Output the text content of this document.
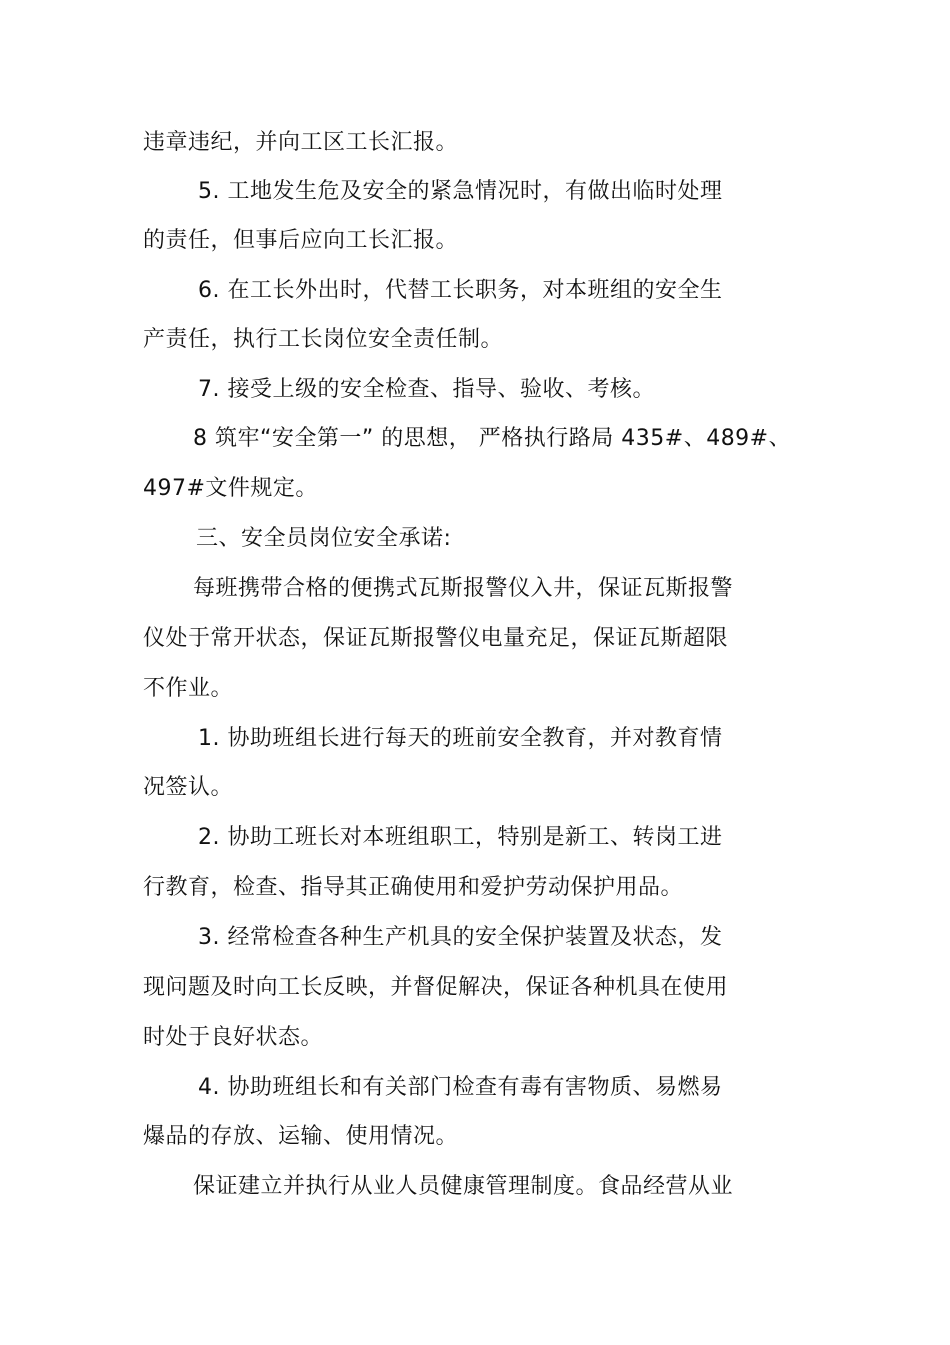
违章违纪，并向工区工长汇报。
5. 工地发生危及安全的紧急情况时，有做出临时处理
的责任，但事后应向工长汇报。
6. 在工长外出时，代替工长职务，对本班组的安全生
产责任，执行工长岗位安全责任制。
7. 接受上级的安全检查、指导、验收、考核。
8 筑牢“安全第一” 的思想， 严格执行路局 435#、489#、
497#文件规定。
三、安全员岗位安全承诺:
每班携带合格的便携式瓦斯报警仪入井，保证瓦斯报警
仪处于常开状态，保证瓦斯报警仪电量充足，保证瓦斯超限
不作业。
1. 协助班组长进行每天的班前安全教育，并对教育情
况签认。
2. 协助工班长对本班组职工，特别是新工、转岗工进
行教育，检查、指导其正确使用和爱护劳动保护用品。
3. 经常检查各种生产机具的安全保护装置及状态，发
现问题及时向工长反映，并督促解决，保证各种机具在使用
时处于良好状态。
4. 协助班组长和有关部门检查有毒有害物质、易燃易
爆品的存放、运输、使用情况。
保证建立并执行从业人员健康管理制度。食品经营从业
